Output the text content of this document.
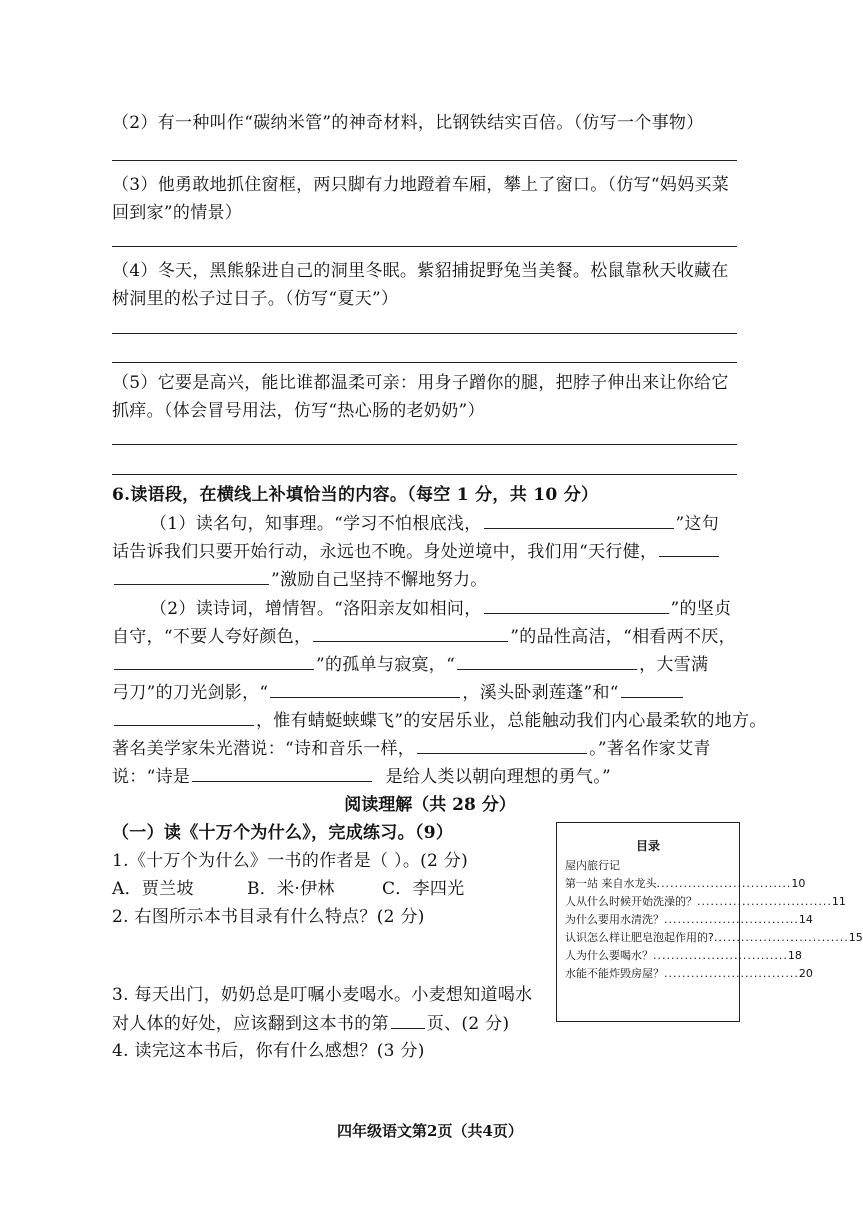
（2）有一种叫作“碳纳米管”的神奇材料，比钢铁结实百倍。（仿写一个事物）
（3）他勇敢地抓住窗框，两只脚有力地蹬着车厢，攀上了窗口。（仿写“妈妈买菜
回到家”的情景）
（4）冬天，黑熊躲进自己的洞里冬眠。紫貂捕捉野兔当美餐。松鼠靠秋天收藏在
树洞里的松子过日子。（仿写“夏天”）
（5）它要是高兴，能比谁都温柔可亲：用身子蹭你的腿，把脖子伸出来让你给它
抓痒。（体会冒号用法，仿写“热心肠的老奶奶”）
6.读语段，在横线上补填恰当的内容。（每空 1 分，共 10 分）
（1）读名句，知事理。“学习不怕根底浅，	”这句
话告诉我们只要开始行动，永远也不晚。身处逆境中，我们用“天行健，
”激励自己坚持不懈地努力。
（2）读诗词，增情智。“洛阳亲友如相问，	”的坚贞
自守，“不要人夸好颜色，	”的品性高洁，“相看两不厌，
”的孤单与寂寞，“	，大雪满
弓刀”的刀光剑影，“	，溪头卧剥莲蓬”和“
，惟有蜻蜓蛱蝶飞”的安居乐业，总能触动我们内心最柔软的地方。
著名美学家朱光潜说：“诗和音乐一样，	。”著名作家艾青
说：“诗是	是给人类以朝向理想的勇气。”
阅读理解（共 28 分）
（一）读《十万个为什么》，完成练习。（9）
1.《十万个为什么》一书的作者是（ ）。(2 分)
A．贾兰坡	B．米·伊林	C．李四光
2. 右图所示本书目录有什么特点？(2 分)
3. 每天出门，奶奶总是叮嘱小麦喝水。小麦想知道喝水
对人体的好处，应该翻到这本书的第 页、(2 分)
4. 读完这本书后，你有什么感想？(3 分)
目录
屋内旅行记
第一站 来自水龙头 .............................. 10
人从什么时候开始洗澡的？ .............................. 11
为什么要用水清洗？ .............................. 14
认识怎么样让肥皂泡起作用的? .............................. 15
人为什么要喝水？ .............................. 18
水能不能炸毁房屋？ .............................. 20
四年级语文第2页（共4页）
